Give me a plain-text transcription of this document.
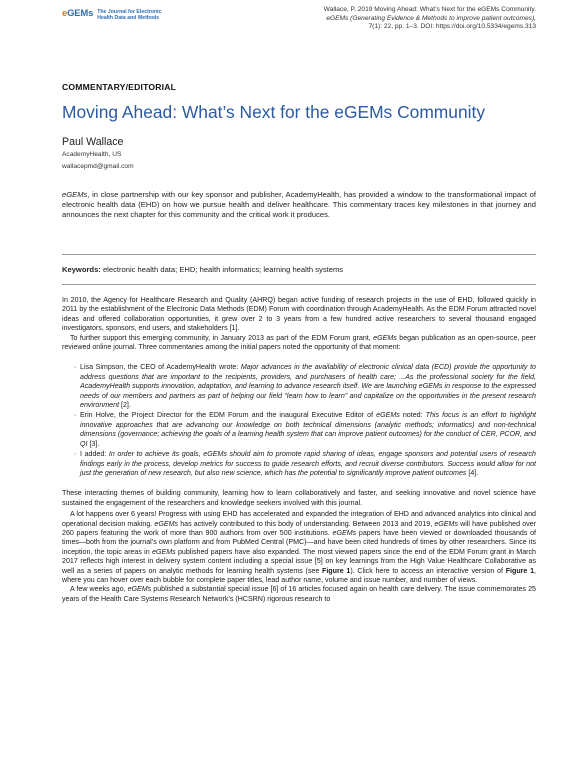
eGEMs The Journal for Electronic
Health Data and Methods
Wallace, P. 2019 Moving Ahead: What’s Next for the eGEMs Community.
eGEMs (Generating Evidence & Methods to improve patient outcomes),
7(1): 22, pp. 1–3. DOI: https://doi.org/10.5334/egems.313
COMMENTARY/EDITORIAL
Moving Ahead: What’s Next for the eGEMs Community
Paul Wallace
AcademyHealth, US
wallacepmd@gmail.com
eGEMs, in close partnership with our key sponsor and publisher, AcademyHealth, has provided a window to the transformational impact of electronic health data (EHD) on how we pursue health and deliver healthcare. This commentary traces key milestones in that journey and announces the next chapter for this community and the critical work it produces.
Keywords: electronic health data; EHD; health informatics; learning health systems

In 2010, the Agency for Healthcare Research and Quality (AHRQ) began active funding of research projects in the use of EHD, followed quickly in 2011 by the establishment of the Electronic Data Methods (EDM) Forum with coordination through AcademyHealth. As the EDM Forum attracted novel ideas and offered collaboration opportunities, it grew over 2 to 3 years from a few hundred active researchers to several thousand engaged investigators, sponsors, end users, and stakeholders [1].

To further support this emerging community, in January 2013 as part of the EDM Forum grant, eGEMs began publication as an open-source, peer reviewed online journal. Three commentaries among the initial papers noted the opportunity of that moment:

· Lisa Simpson, the CEO of AcademyHealth wrote: Major advances in the availability of electronic clinical data (ECD) provide the opportunity to address questions that are important to the recipients, providers, and purchasers of health care; ...As the professional society for the field, AcademyHealth supports innovation, adaptation, and learning to advance research itself. We are launching eGEMs in response to the expressed needs of our members and partners as part of helping our field “learn how to learn” and capitalize on the opportunities in the present research environment [2].
· Erin Holve, the Project Director for the EDM Forum and the inaugural Executive Editor of eGEMs noted: This focus is an effort to highlight innovative approaches that are advancing our knowledge on both technical dimensions (analytic methods; informatics) and non-technical dimensions (governance; achieving the goals of a learning health system that can improve patient outcomes) for the conduct of CER, PCOR, and QI [3].
· I added: In order to achieve its goals, eGEMs should aim to promote rapid sharing of ideas, engage sponsors and potential users of research findings early in the process, develop metrics for success to guide research efforts, and recruit diverse contributors. Success would allow for not just the generation of new research, but also new science, which has the potential to significantly improve patient outcomes [4].

These interacting themes of building community, learning how to learn collaboratively and faster, and seeking innovative and novel science have sustained the engagement of the researchers and knowledge seekers involved with this journal.

A lot happens over 6 years! Progress with using EHD has accelerated and expanded the integration of EHD and advanced analytics into clinical and operational decision making. eGEMs has actively contributed to this body of understanding. Between 2013 and 2019, eGEMs will have published over 260 papers featuring the work of more than 900 authors from over 500 institutions. eGEMs papers have been viewed or downloaded thousands of times—both from the journal’s own platform and from PubMed Central (PMC)—and have been cited hundreds of times by other researchers. Since its inception, the topic areas in eGEMs published papers have also expanded. The most viewed papers since the end of the EDM Forum grant in March 2017 reflects high interest in delivery system content including a special issue [5] on key learnings from the High Value Healthcare Collaborative as well as a series of papers on analytic methods for learning health systems (see Figure 1). Click here to access an interactive version of Figure 1, where you can hover over each bubble for complete paper titles, lead author name, volume and issue number, and number of views.

A few weeks ago, eGEMs published a substantial special issue [6] of 16 articles focused again on health care delivery. The issue commemorates 25 years of the Health Care Systems Research Network’s (HCSRN) rigorous research to
